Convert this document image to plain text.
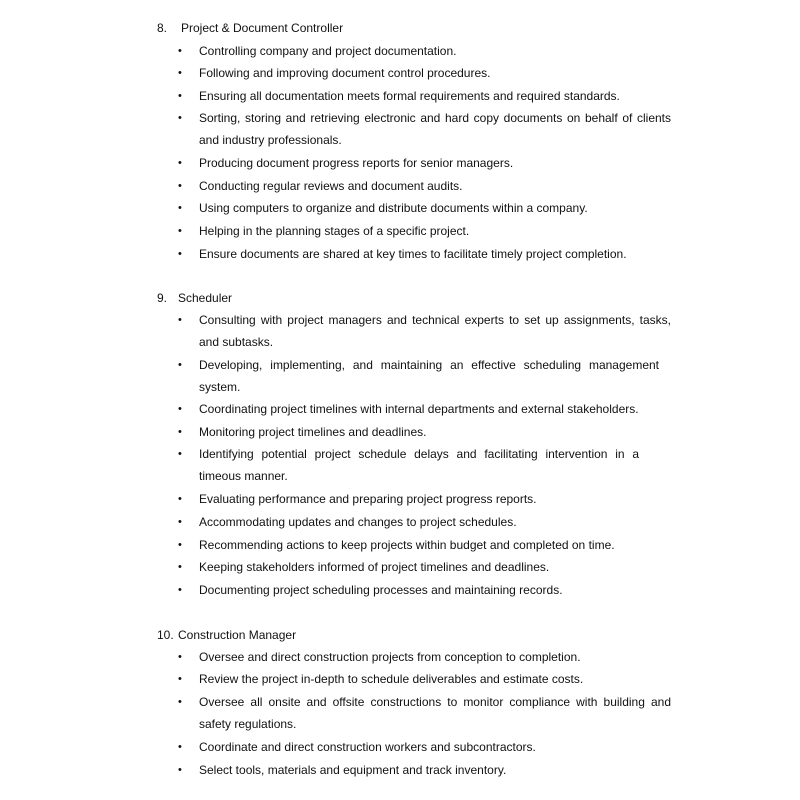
8. Project & Document Controller
• Controlling company and project documentation.
• Following and improving document control procedures.
• Ensuring all documentation meets formal requirements and required standards.
• Sorting, storing and retrieving electronic and hard copy documents on behalf of clients and industry professionals.
• Producing document progress reports for senior managers.
• Conducting regular reviews and document audits.
• Using computers to organize and distribute documents within a company.
• Helping in the planning stages of a specific project.
• Ensure documents are shared at key times to facilitate timely project completion.
9. Scheduler
• Consulting with project managers and technical experts to set up assignments, tasks, and subtasks.
• Developing, implementing, and maintaining an effective scheduling management system.
• Coordinating project timelines with internal departments and external stakeholders.
• Monitoring project timelines and deadlines.
• Identifying potential project schedule delays and facilitating intervention in a timeous manner.
• Evaluating performance and preparing project progress reports.
• Accommodating updates and changes to project schedules.
• Recommending actions to keep projects within budget and completed on time.
• Keeping stakeholders informed of project timelines and deadlines.
• Documenting project scheduling processes and maintaining records.
10. Construction Manager
• Oversee and direct construction projects from conception to completion.
• Review the project in-depth to schedule deliverables and estimate costs.
• Oversee all onsite and offsite constructions to monitor compliance with building and safety regulations.
• Coordinate and direct construction workers and subcontractors.
• Select tools, materials and equipment and track inventory.
